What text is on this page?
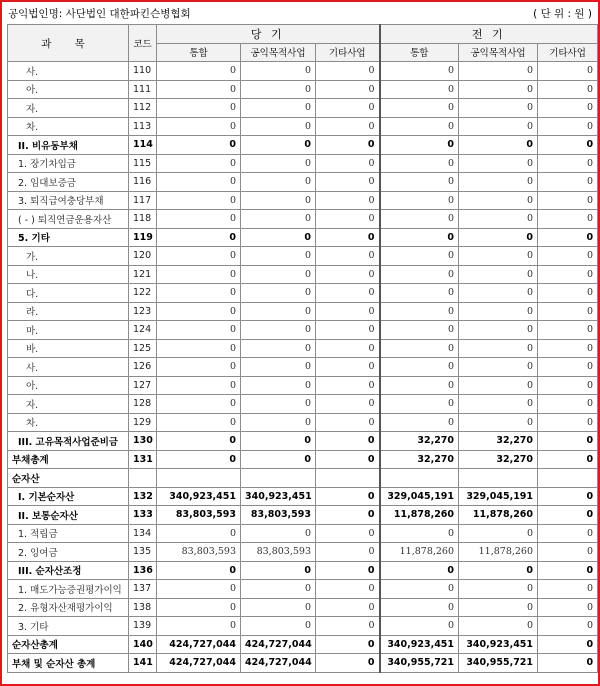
공익법인명: 사단법인 대한파킨슨병협회	( 단 위 : 원 )
과 목	코드	당 기			전 기		
		통합	공익목적사업	기타사업	통합	공익목적사업	기타사업
사.	110	0	0	0	0	0	0
아.	111	0	0	0	0	0	0
자.	112	0	0	0	0	0	0
차.	113	0	0	0	0	0	0
II. 비유동부채	114	0	0	0	0	0	0
1. 장기차입금	115	0	0	0	0	0	0
2. 임대보증금	116	0	0	0	0	0	0
3. 퇴직급여충당부채	117	0	0	0	0	0	0
( - ) 퇴직연금운용자산	118	0	0	0	0	0	0
5. 기타	119	0	0	0	0	0	0
가.	120	0	0	0	0	0	0
나.	121	0	0	0	0	0	0
다.	122	0	0	0	0	0	0
라.	123	0	0	0	0	0	0
마.	124	0	0	0	0	0	0
바.	125	0	0	0	0	0	0
사.	126	0	0	0	0	0	0
아.	127	0	0	0	0	0	0
자.	128	0	0	0	0	0	0
차.	129	0	0	0	0	0	0
III. 고유목적사업준비금	130	0	0	0	32,270	32,270	0
부채총계	131	0	0	0	32,270	32,270	0
순자산							
I. 기본순자산	132	340,923,451	340,923,451	0	329,045,191	329,045,191	0
II. 보통순자산	133	83,803,593	83,803,593	0	11,878,260	11,878,260	0
1. 적립금	134	0	0	0	0	0	0
2. 잉여금	135	83,803,593	83,803,593	0	11,878,260	11,878,260	0
III. 순자산조정	136	0	0	0	0	0	0
1. 매도가능증권평가이익	137	0	0	0	0	0	0
2. 유형자산재평가이익	138	0	0	0	0	0	0
3. 기타	139	0	0	0	0	0	0
순자산총계	140	424,727,044	424,727,044	0	340,923,451	340,923,451	0
부채 및 순자산 총계	141	424,727,044	424,727,044	0	340,955,721	340,955,721	0
